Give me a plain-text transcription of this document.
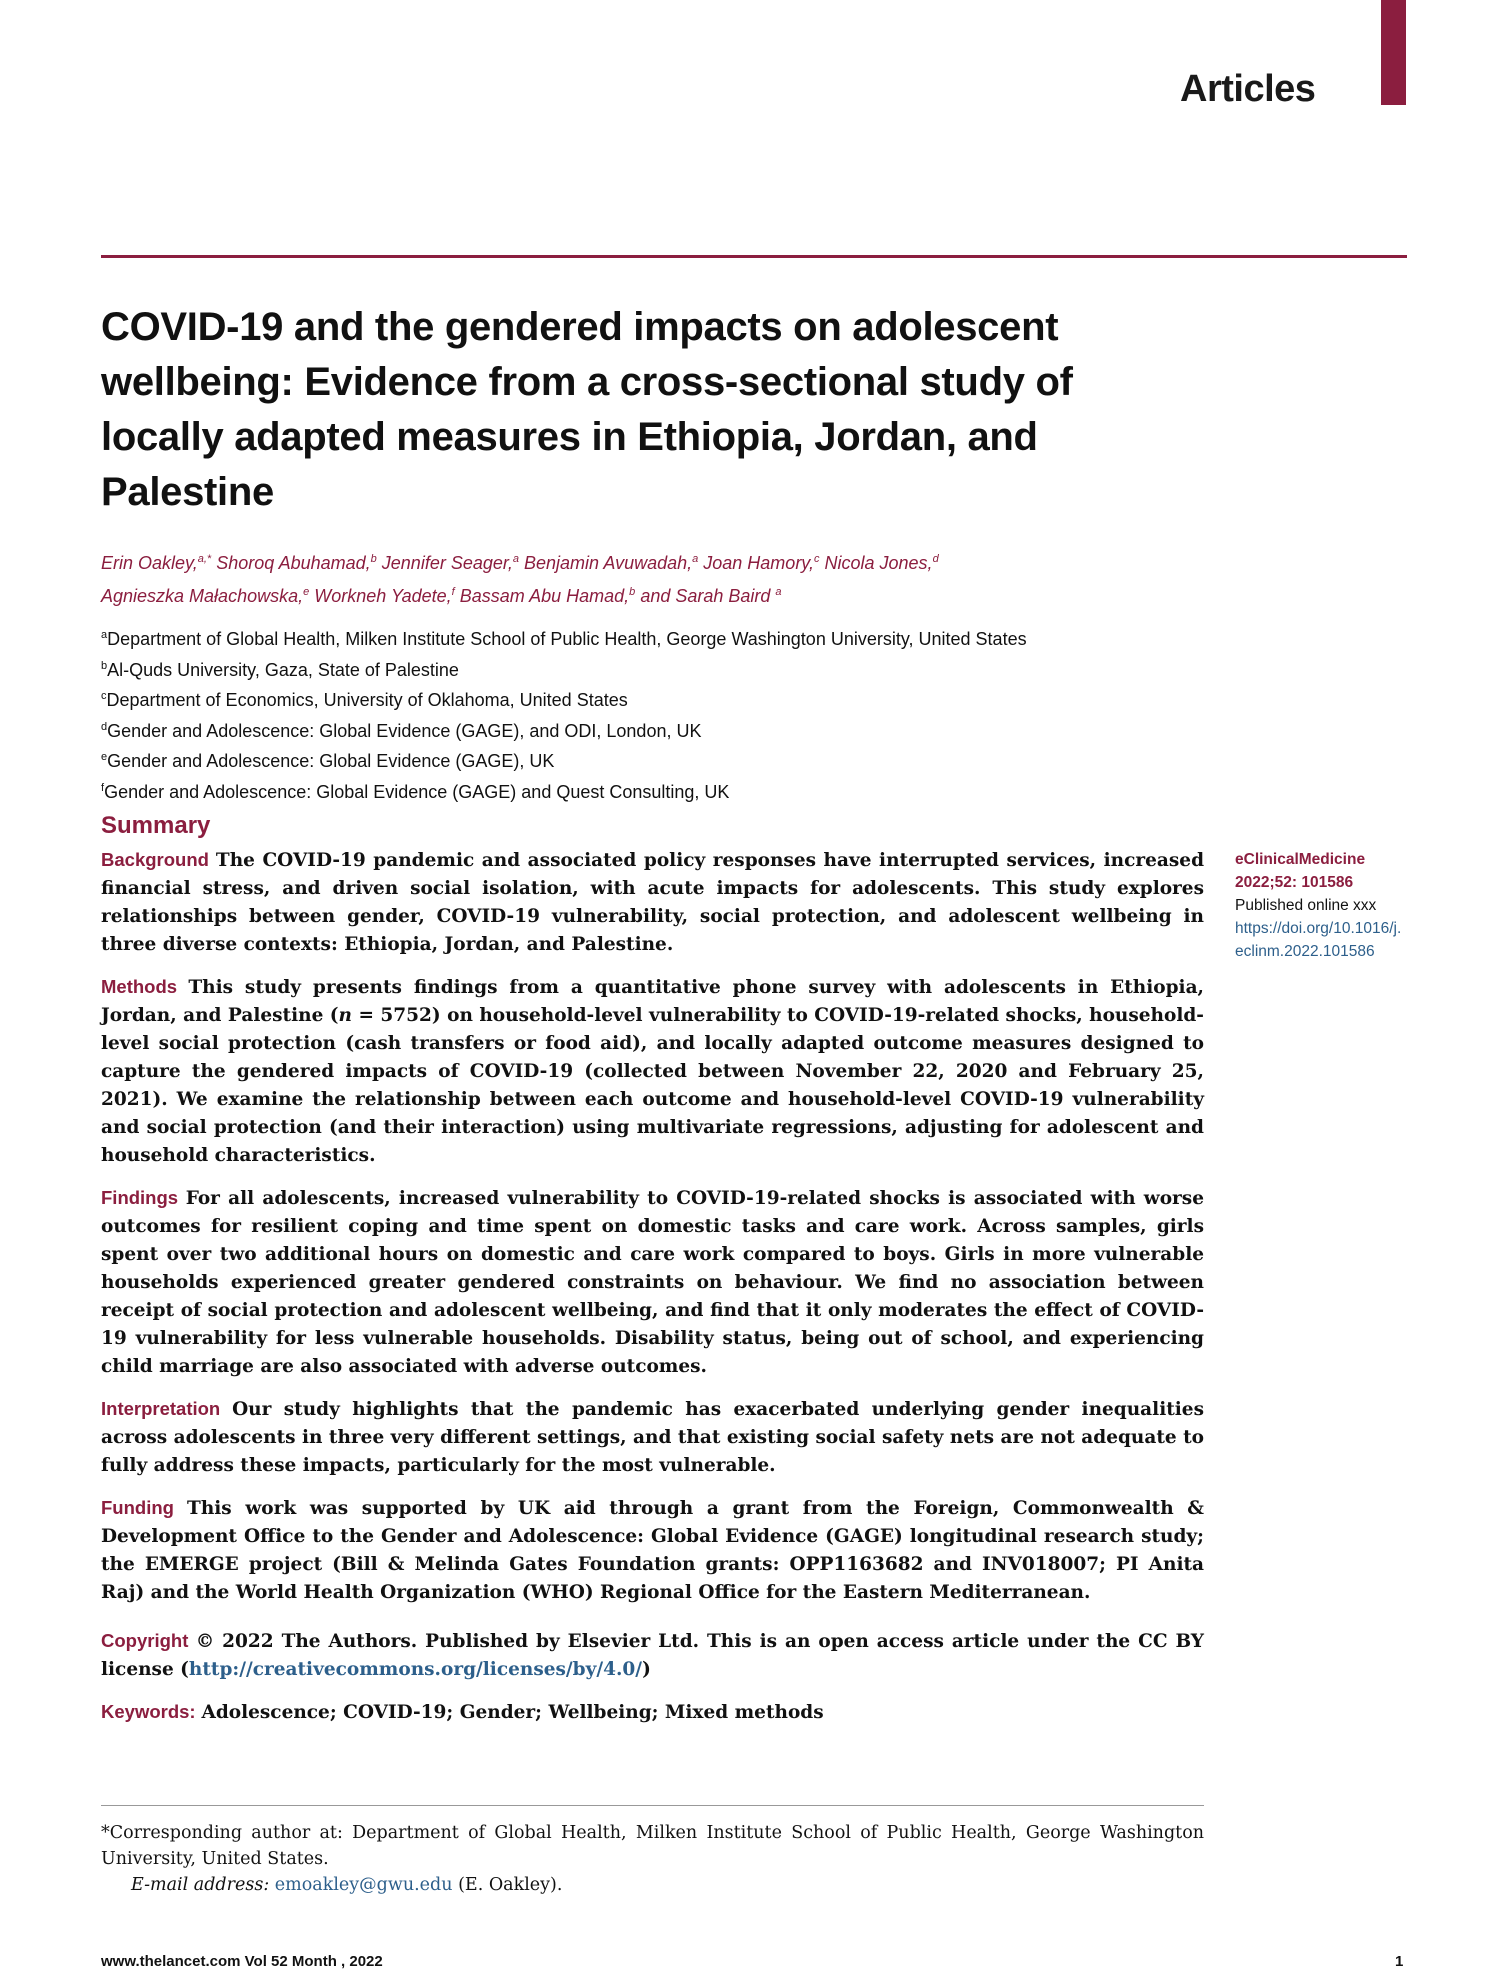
Articles
COVID-19 and the gendered impacts on adolescent wellbeing: Evidence from a cross-sectional study of locally adapted measures in Ethiopia, Jordan, and Palestine
Erin Oakley,$^{a,*}$ Shoroq Abuhamad,$^b$ Jennifer Seager,$^a$ Benjamin Avuwadah,$^a$ Joan Hamory,$^c$ Nicola Jones,$^d$
Agnieszka Małachowska,$^e$ Workneh Yadete,$^f$ Bassam Abu Hamad,$^b$ and Sarah Baird $^a$
$^a$Department of Global Health, Milken Institute School of Public Health, George Washington University, United States
$^b$Al-Quds University, Gaza, State of Palestine
$^c$Department of Economics, University of Oklahoma, United States
$^d$Gender and Adolescence: Global Evidence (GAGE), and ODI, London, UK
$^e$Gender and Adolescence: Global Evidence (GAGE), UK
$^f$Gender and Adolescence: Global Evidence (GAGE) and Quest Consulting, UK
Summary

Background The COVID-19 pandemic and associated policy responses have interrupted services, increased financial stress, and driven social isolation, with acute impacts for adolescents. This study explores relationships between gender, COVID-19 vulnerability, social protection, and adolescent wellbeing in three diverse contexts: Ethiopia, Jordan, and Palestine.

Methods This study presents findings from a quantitative phone survey with adolescents in Ethiopia, Jordan, and Palestine (n = 5752) on household-level vulnerability to COVID-19-related shocks, household-level social protection (cash transfers or food aid), and locally adapted outcome measures designed to capture the gendered impacts of COVID-19 (collected between November 22, 2020 and February 25, 2021). We examine the relationship between each outcome and household-level COVID-19 vulnerability and social protection (and their interaction) using multivariate regressions, adjusting for adolescent and household characteristics.

Findings For all adolescents, increased vulnerability to COVID-19-related shocks is associated with worse outcomes for resilient coping and time spent on domestic tasks and care work. Across samples, girls spent over two additional hours on domestic and care work compared to boys. Girls in more vulnerable households experienced greater gendered constraints on behaviour. We find no association between receipt of social protection and adolescent wellbeing, and find that it only moderates the effect of COVID-19 vulnerability for less vulnerable households. Disability status, being out of school, and experiencing child marriage are also associated with adverse outcomes.

Interpretation Our study highlights that the pandemic has exacerbated underlying gender inequalities across adolescents in three very different settings, and that existing social safety nets are not adequate to fully address these impacts, particularly for the most vulnerable.

Funding This work was supported by UK aid through a grant from the Foreign, Commonwealth & Development Office to the Gender and Adolescence: Global Evidence (GAGE) longitudinal research study; the EMERGE project (Bill & Melinda Gates Foundation grants: OPP1163682 and INV018007; PI Anita Raj) and the World Health Organization (WHO) Regional Office for the Eastern Mediterranean.

Copyright © 2022 The Authors. Published by Elsevier Ltd. This is an open access article under the CC BY license (http://creativecommons.org/licenses/by/4.0/)

Keywords: Adolescence; COVID-19; Gender; Wellbeing; Mixed methods

eClinicalMedicine
2022;52: 101586
Published online xxx
https://doi.org/10.1016/j.
eclinm.2022.101586
*Corresponding author at: Department of Global Health, Milken Institute School of Public Health, George Washington University, United States.
E-mail address: emoakley@gwu.edu (E. Oakley).
www.thelancet.com Vol 52 Month , 2022	1
